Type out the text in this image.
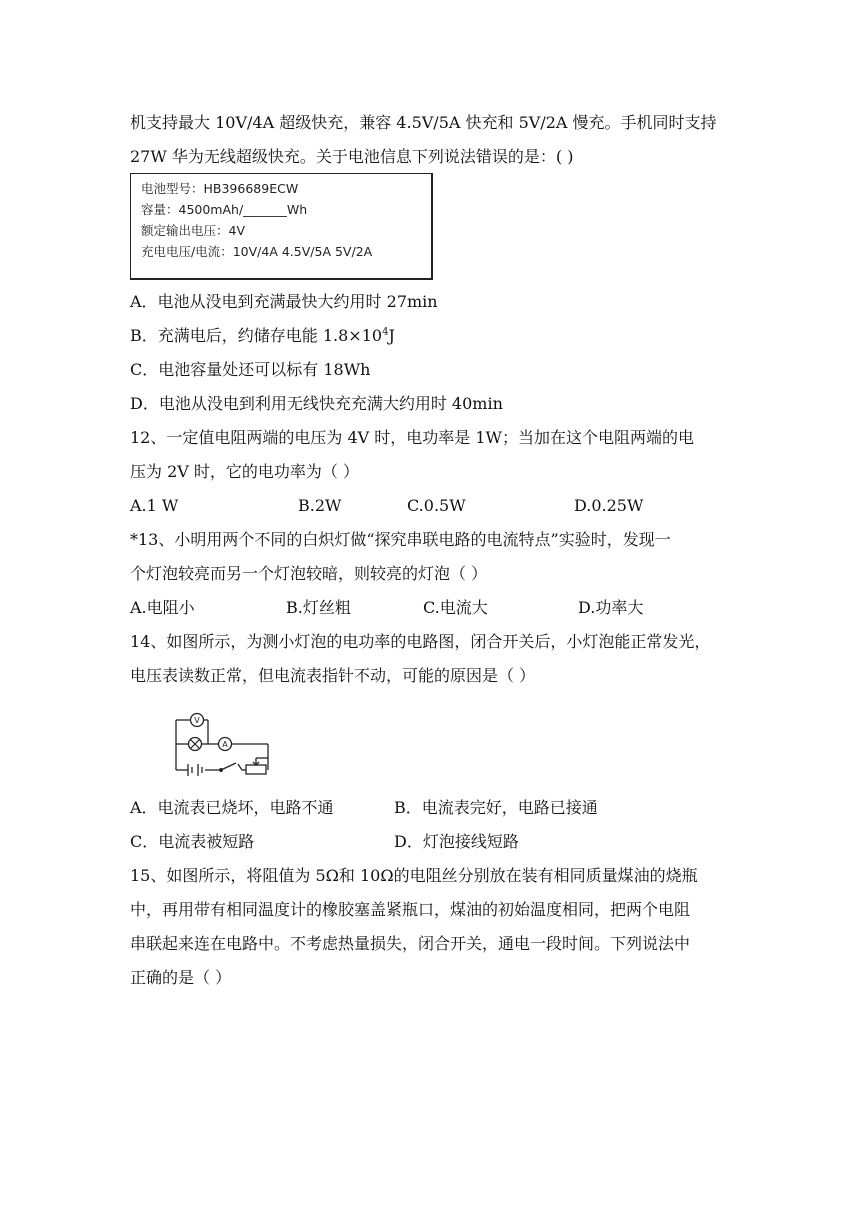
机支持最大 10V/4A 超级快充，兼容 4.5V/5A 快充和 5V/2A 慢充。手机同时支持
27W 华为无线超级快充。关于电池信息下列说法错误的是：( )
电池型号：HB396689ECW
容量：4500mAh/_______Wh
额定输出电压：4V
充电电压/电流：10V/4A 4.5V/5A 5V/2A
A．电池从没电到充满最快大约用时 27min
B．充满电后，约储存电能 $1.8\times 10^4J$
C．电池容量处还可以标有 18Wh
D．电池从没电到利用无线快充充满大约用时 40min
12、一定值电阻两端的电压为 4V 时，电功率是 1W；当加在这个电阻两端的电
压为 2V 时，它的电功率为（ ）
A.1 W	B.2W	C.0.5W	D.0.25W
*13、小明用两个不同的白炽灯做“探究串联电路的电流特点”实验时，发现一
个灯泡较亮而另一个灯泡较暗，则较亮的灯泡（ ）
A.电阻小	B.灯丝粗	C.电流大	D.功率大
14、如图所示，为测小灯泡的电功率的电路图，闭合开关后，小灯泡能正常发光，
电压表读数正常，但电流表指针不动，可能的原因是（ ）
V
A
A．电流表已烧坏，电路不通	B．电流表完好，电路已接通
C．电流表被短路	D．灯泡接线短路
15、如图所示，将阻值为 5Ω和 10Ω的电阻丝分别放在装有相同质量煤油的烧瓶
中，再用带有相同温度计的橡胶塞盖紧瓶口，煤油的初始温度相同，把两个电阻
串联起来连在电路中。不考虑热量损失，闭合开关，通电一段时间。下列说法中
正确的是（ ）
